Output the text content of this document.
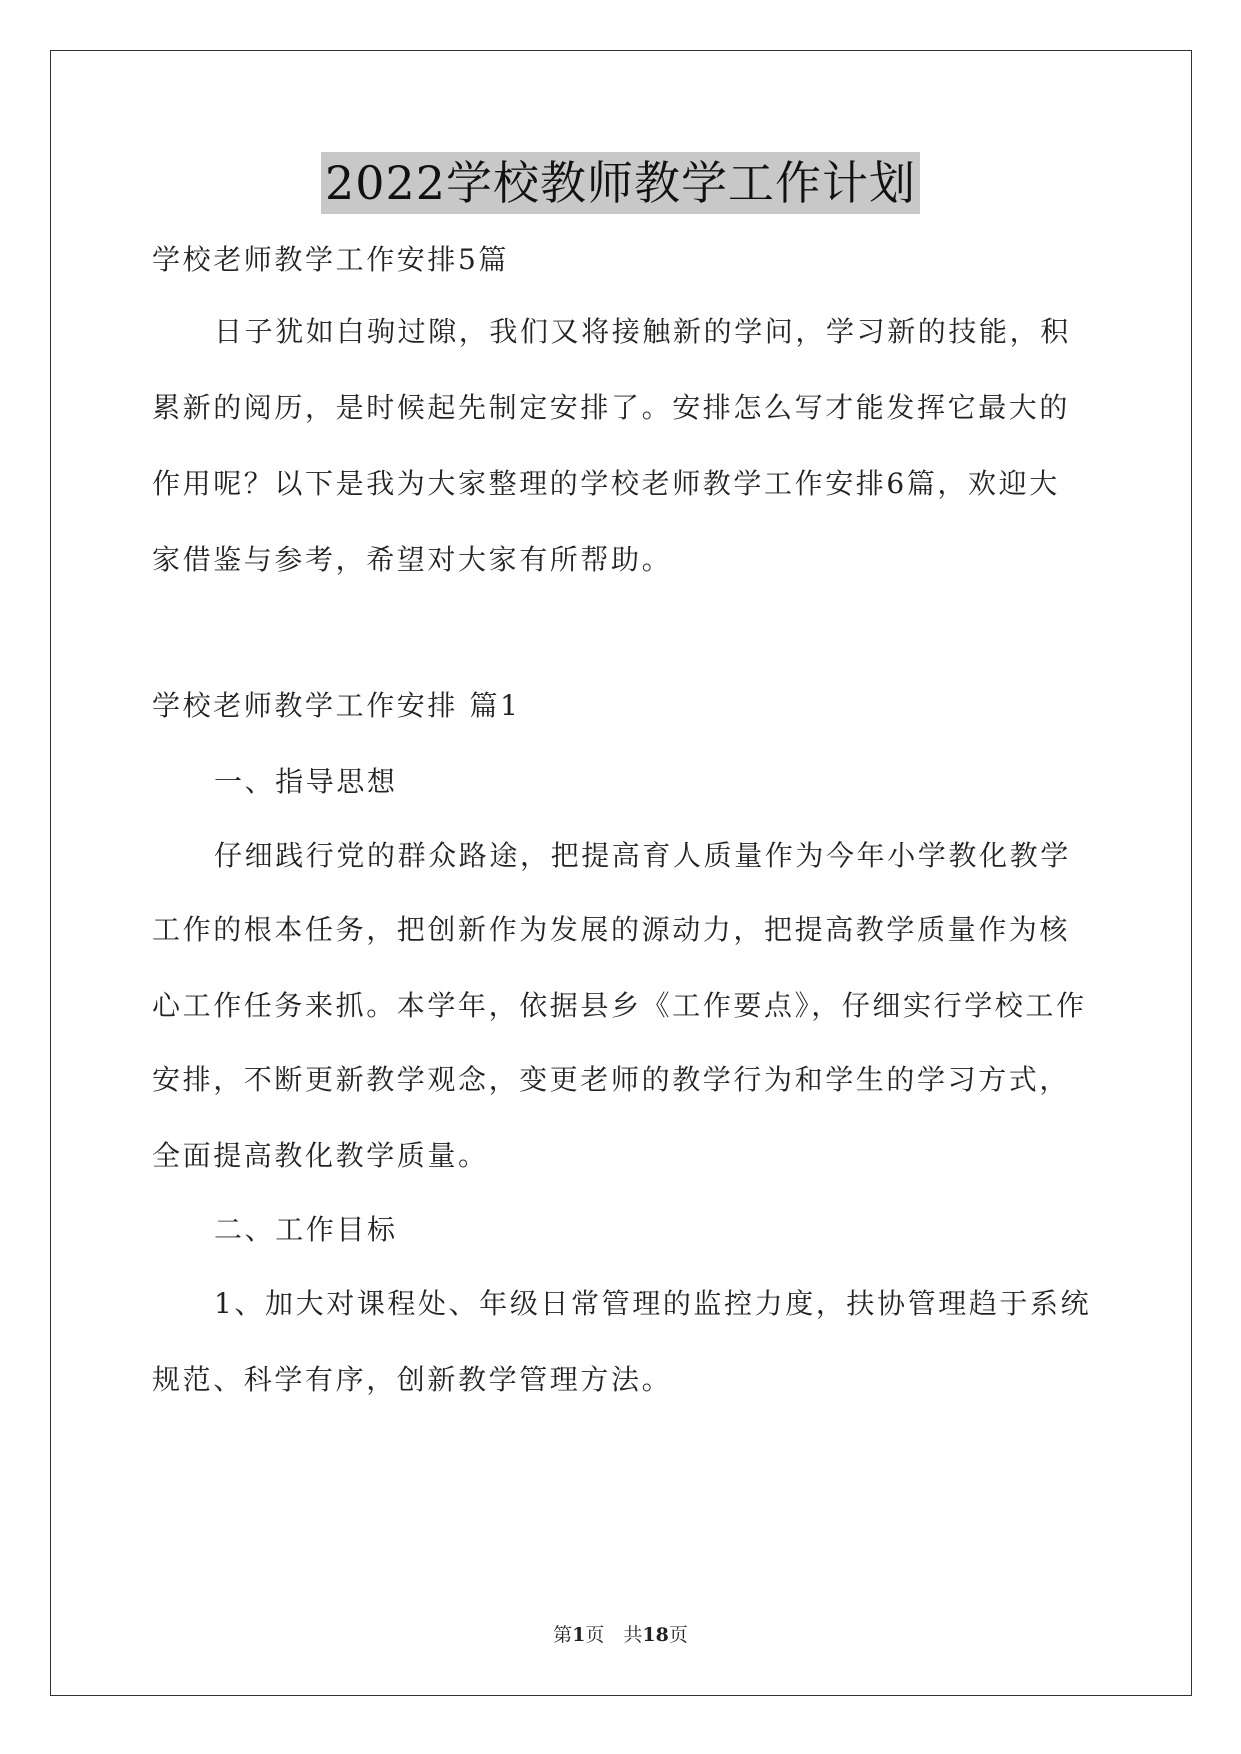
2022学校教师教学工作计划
学校老师教学工作安排5篇
日子犹如白驹过隙，我们又将接触新的学问，学习新的技能，积
累新的阅历，是时候起先制定安排了。安排怎么写才能发挥它最大的
作用呢？以下是我为大家整理的学校老师教学工作安排6篇，欢迎大
家借鉴与参考，希望对大家有所帮助。
学校老师教学工作安排 篇1
一、指导思想
仔细践行党的群众路途，把提高育人质量作为今年小学教化教学
工作的根本任务，把创新作为发展的源动力，把提高教学质量作为核
心工作任务来抓。本学年，依据县乡《工作要点》，仔细实行学校工作
安排，不断更新教学观念，变更老师的教学行为和学生的学习方式，
全面提高教化教学质量。
二、工作目标
1、加大对课程处、年级日常管理的监控力度，扶协管理趋于系统
规范、科学有序，创新教学管理方法。
第1页　共18页
